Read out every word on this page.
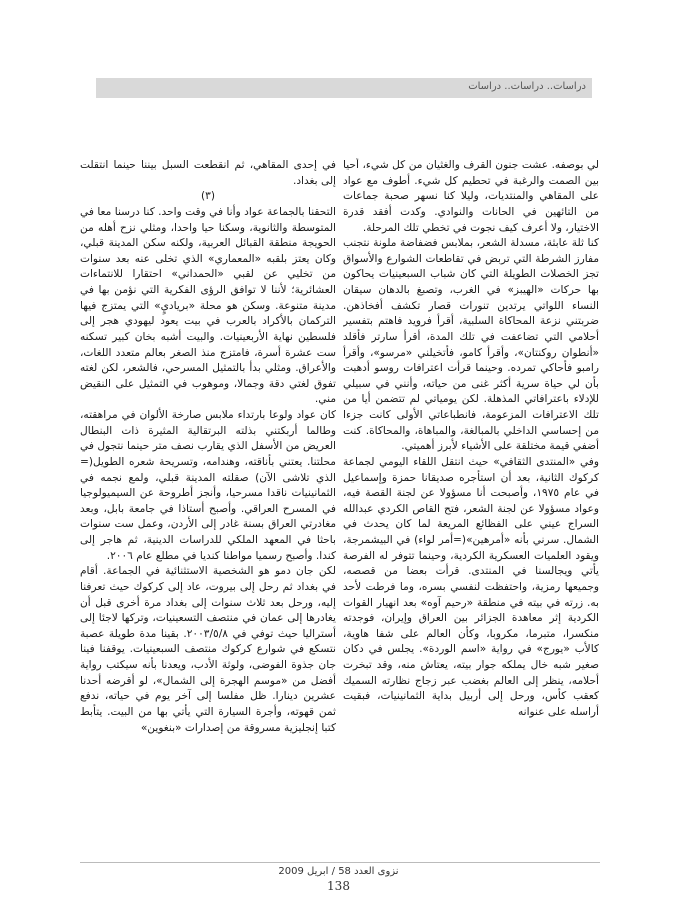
دراسات.. دراسات.. دراسات

لي بوصفه. عشت جنون القرف والغثيان من كل شيء، أحيا بين الصمت والرغبة في تحطيم كل شيء. أطوف مع عواد على المقاهي والمنتديات، وليلا كنا نسهر صحبة جماعات من التائهين في الحانات والنوادي. وكدت أفقد قدرة الاختيار، ولا أعرف كيف نجوت في تخطي تلك المرحلة.

كنا ثلة عابثة، مسدلة الشعر، بملابس فضفاضة ملونة نتجنب مفارز الشرطة التي تربض في تقاطعات الشوارع والأسواق تجز الخصلات الطويلة التي كان شباب السبعينيات يحاكون بها حركات «الهيبز» في الغرب، وتصبغ بالدهان سيقان النساء اللواتي يرتدين تنورات قصار تكشف أفخاذهن. ضربتني نزعة المحاكاة السلبية، أقرأ فرويد فاهتم بتفسير أحلامي التي تضاعفت في تلك المدة، أقرأ سارتر فأقلد «أنطوان روكنتان»، وأقرأ كامو، فأتخيلني «مرسو»، وأقرأ رامبو فأحاكي تمرده. وحينما قرأت اعترافات روسو أدهبت بأن لي حياة سرية أكثر غنى من حياته، وأنني في سبيلي للإدلاء باعترافاتي المذهلة. لكن يومياتي لم تتضمن أيا من تلك الاعترافات المزعومة، فانطباعاتي الأولى كانت جزءا من إحساسي الداخلي بالمبالغة، والمباهاة، والمحاكاة. كنت أضفي قيمة مختلقة على الأشياء لأبرز أهميتي.

وفي «المنتدى الثقافي» حيث انتقل اللقاء اليومي لجماعة كركوك الثانية، بعد أن استأجره صديقانا حمزة وإسماعيل في عام ١٩٧٥، وأصبحت أنا مسؤولا عن لجنة القصة فيه، وعواد مسؤولا عن لجنة الشعر، فتح القاص الكردي عبدالله السراج عيني على الفظائع المريعة لما كان يحدث في الشمال. سرني بأنه «أمرهين»(=أمر لواء) في البيشمرجة، ويقود العلميات العسكرية الكردية، وحينما تتوفر له الفرصة يأتي ويجالسنا في المنتدى. قرأت بعضا من قصصه، وجميعها رمزية، واحتفظت لنفسي بسره، وما فرطت لأحد به. زرته في بيته في منطقة «رحيم آوه» بعد انهيار القوات الكردية إثر معاهدة الجزائر بين العراق وإيران، فوجدته منكسرا، متبرما، مكروبا، وكأن العالم على شفا هاوية، كالأب «يورج» في رواية «اسم الوردة». يجلس في دكان صغير شبه خال يملكه جوار بيته، يعتاش منه، وقد تبخرت أحلامه، ينظر إلى العالم بغضب عبر زجاج نظارته السميك كعقب كأس، ورحل إلى أربيل بداية الثمانينيات، فبقيت أراسله على عنوانه

في إحدى المقاهي، ثم انقطعت السبل بيننا حينما انتقلت إلى بغداد.

(٣)

التحقنا بالجماعة عواد وأنا في وقت واحد. كنا درسنا معا في المتوسطة والثانوية، وسكنا حيا واحدا، ومثلي نزح أهله من الحويجة منطقة القبائل العربية، ولكنه سكن المدينة قبلي، وكان يعتز بلقبه «المعماري» الذي تخلى عنه بعد سنوات من تخليي عن لقبي «الحمداني» احتقارا للانتماءات العشائرية؛ لأننا لا توافق الرؤى الفكرية التي نؤمن بها في مدينة متنوعة. وسكن هو محلة «برياديٍ» التي يمتزج فيها التركمان بالأكراد بالعرب في بيت يعود ليهودي هجر إلى فلسطين نهاية الأربعينيات. والبيت أشبه بخان كبير تسكنه ست عشرة أسرة، فامتزج منذ الصغر بعالم متعدد اللغات، والأعراق. ومثلي بدأ بالتمثيل المسرحي، فالشعر، لكن لغته تفوق لغتي دقة وجمالا، وموهوب في التمثيل على النقيض مني.

كان عواد ولوعا بارتداء ملابس صارخة الألوان في مراهقته، وطالما أربكتني بذلته البرتقالية المثيرة ذات البنطال العريض من الأسفل الذي يقارب نصف متر حينما نتجول في محلتنا. يعتني بأناقته، وهندامه، وتسريحة شعره الطويل(= الذي تلاشى الآن) صقلته المدينة قبلي، ولمع نجمه في الثمانينيات ناقدا مسرحيا، وأنجز أطروحة عن السيميولوجيا في المسرح العراقي. وأصبح أستاذا في جامعة بابل، وبعد مغادرتي العراق بسنة غادر إلى الأردن، وعمل ست سنوات باحثا في المعهد الملكي للدراسات الدينية، ثم هاجر إلى كندا. وأصبح رسميا مواطنا كنديا في مطلع عام ٢٠٠٦.

لكن جان دمو هو الشخصية الاستثنائية في الجماعة. أقام في بغداد ثم رحل إلى بيروت، عاد إلى كركوك حيث تعرفنا إليه، ورحل بعد ثلاث سنوات إلى بغداد مرة أخرى قبل أن يغادرها إلى عمان في منتصف التسعينيات، وتركها لاجئا إلى أستراليا حيث توفي في ٢٠٠٣/٥/٨. بقينا مدة طويلة عصبة نتسكع في شوارع كركوك منتصف السبعينيات. يوقفنا فينا جان جذوة الفوضى، ولوثة الأدب، ويعدنا بأنه سيكتب رواية أفضل من «موسم الهجرة إلى الشمال»، لو أقرضه أحدنا عشرين دينارا. ظل مفلسا إلى آخر يوم في حياته، ندفع ثمن قهوته، وأجرة السيارة التي يأتي بها من البيت. يتأبط كتبا إنجليزية مسروقة من إصدارات «بنغوين»

نزوى العدد 58 / ابريل 2009
138
